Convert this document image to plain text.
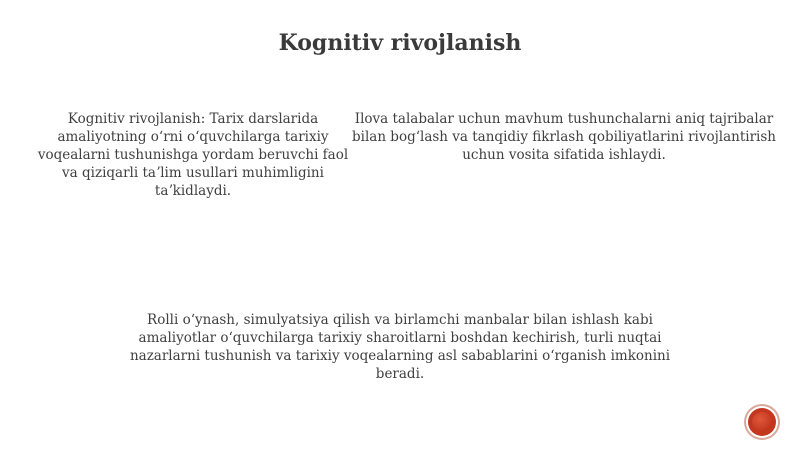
Kognitiv rivojlanish

Kognitiv rivojlanish: Tarix darslarida amaliyotning oʻrni oʻquvchilarga tarixiy voqealarni tushunishga yordam beruvchi faol va qiziqarli taʼlim usullari muhimligini taʼkidlaydi.

Ilova talabalar uchun mavhum tushunchalarni aniq tajribalar bilan bogʻlash va tanqidiy fikrlash qobiliyatlarini rivojlantirish uchun vosita sifatida ishlaydi.

Rolli oʻynash, simulyatsiya qilish va birlamchi manbalar bilan ishlash kabi amaliyotlar oʻquvchilarga tarixiy sharoitlarni boshdan kechirish, turli nuqtai nazarlarni tushunish va tarixiy voqealarning asl sabablarini oʻrganish imkonini beradi.
